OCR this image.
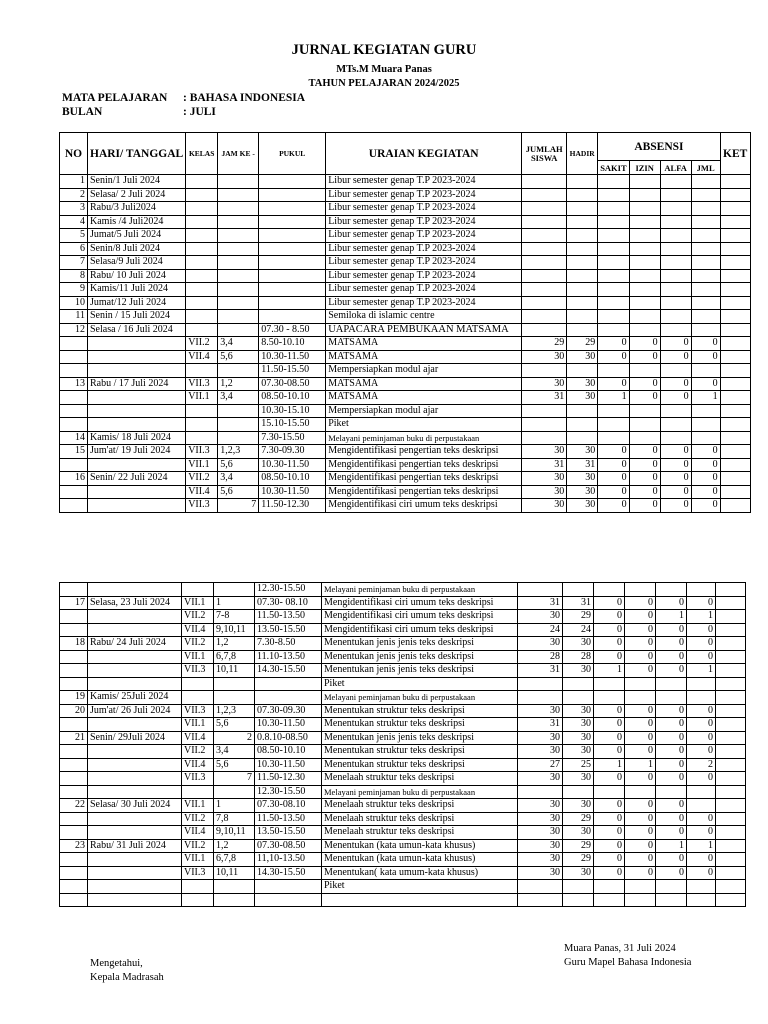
JURNAL KEGIATAN GURU
MTs.M Muara Panas
TAHUN PELAJARAN 2024/2025
MATA PELAJARAN : BAHASA INDONESIA
BULAN	: JULI
NO	HARI/ TANGGAL	KELAS	JAM KE -	PUKUL	URAIAN KEGIATAN	JUMLAH SISWA	HADIR	ABSENSI				KET
								SAKIT	IZIN	ALFA	JML	
1	Senin/1 Juli 2024				Libur semester genap T.P 2023-2024							
2	Selasa/ 2 Juli 2024				Libur semester genap T.P 2023-2024							
3	Rabu/3 Juli2024				Libur semester genap T.P 2023-2024							
4	Kamis /4 Juli2024				Libur semester genap T.P 2023-2024							
5	Jumat/5 Juli 2024				Libur semester genap T.P 2023-2024							
6	Senin/8 Juli 2024				Libur semester genap T.P 2023-2024							
7	Selasa/9 Juli 2024				Libur semester genap T.P 2023-2024							
8	Rabu/ 10 Juli 2024				Libur semester genap T.P 2023-2024							
9	Kamis/11 Juli 2024				Libur semester genap T.P 2023-2024							
10	Jumat/12 Juli 2024				Libur semester genap T.P 2023-2024							
11	Senin / 15 Juli 2024				Semiloka di islamic centre							
12	Selasa / 16 Juli 2024			07.30 - 8.50	UAPACARA PEMBUKAAN MATSAMA							
		VII.2	3,4	8.50-10.10	MATSAMA	29	29	0	0	0	0	
		VII.4	5,6	10.30-11.50	MATSAMA	30	30	0	0	0	0	
				11.50-15.50	Mempersiapkan modul ajar							
13	Rabu / 17 Juli 2024	VII.3	1,2	07.30-08.50	MATSAMA	30	30	0	0	0	0	
		VII.1	3,4	08.50-10.10	MATSAMA	31	30	1	0	0	1	
				10.30-15.10	Mempersiapkan modul ajar							
				15.10-15.50	Piket							
14	Kamis/ 18 Juli 2024			7.30-15.50	Melayani peminjaman buku di perpustakaan							
15	Jum'at/ 19 Juli 2024	VII.3	1,2,3	7.30-09.30	Mengidentifikasi pengertian teks deskripsi	30	30	0	0	0	0	
		VII.1	5,6	10.30-11.50	Mengidentifikasi pengertian teks deskripsi	31	31	0	0	0	0	
16	Senin/ 22 Juli 2024	VII.2	3,4	08.50-10.10	Mengidentifikasi pengertian teks deskripsi	30	30	0	0	0	0	
		VII.4	5,6	10.30-11.50	Mengidentifikasi pengertian teks deskripsi	30	30	0	0	0	0	
		VII.3	7	11.50-12.30	Mengidentifikasi ciri umum teks deskripsi	30	30	0	0	0	0	
				12.30-15.50	Melayani peminjaman buku di perpustakaan							
17	Selasa, 23 Juli 2024	VII.1	1	07.30- 08.10	Mengidentifikasi ciri umum teks deskripsi	31	31	0	0	0	0	
		VII.2	7-8	11.50-13.50	Mengidentifikasi ciri umum teks deskripsi	30	29	0	0	1	1	
		VII.4	9,10,11	13.50-15.50	Mengidentifikasi ciri umum teks deskripsi	24	24	0	0	0	0	
18	Rabu/ 24 Juli 2024	VII.2	1,2	7.30-8.50	Menentukan jenis jenis teks deskripsi	30	30	0	0	0	0	
		VII.1	6,7,8	11.10-13.50	Menentukan jenis jenis teks deskripsi	28	28	0	0	0	0	
		VII.3	10,11	14.30-15.50	Menentukan jenis jenis teks deskripsi	31	30	1	0	0	1	
					Piket							
19	Kamis/ 25Juli 2024				Melayani peminjaman buku di perpustakaan							
20	Jum'at/ 26 Juli 2024	VII.3	1,2,3	07.30-09.30	Menentukan struktur teks deskripsi	30	30	0	0	0	0	
		VII.1	5,6	10.30-11.50	Menentukan struktur teks deskripsi	31	30	0	0	0	0	
21	Senin/ 29Juli 2024	VII.4	2	0.8.10-08.50	Menentukan jenis jenis teks deskripsi	30	30	0	0	0	0	
		VII.2	3,4	08.50-10.10	Menentukan struktur teks deskripsi	30	30	0	0	0	0	
		VII.4	5,6	10.30-11.50	Menentukan struktur teks deskripsi	27	25	1	1	0	2	
		VII.3	7	11.50-12.30	Menelaah struktur teks deskripsi	30	30	0	0	0	0	
				12.30-15.50	Melayani peminjaman buku di perpustakaan							
22	Selasa/ 30 Juli 2024	VII.1	1	07.30-08.10	Menelaah struktur teks deskripsi	30	30	0	0	0		
		VII.2	7,8	11.50-13.50	Menelaah struktur teks deskripsi	30	29	0	0	0	0	
		VII.4	9,10,11	13.50-15.50	Menelaah struktur teks deskripsi	30	30	0	0	0	0	
23	Rabu/ 31 Juli 2024	VII.2	1,2	07.30-08.50	Menentukan (kata umun-kata khusus)	30	29	0	0	1	1	
		VII.1	6,7,8	11,10-13.50	Menentukan (kata umun-kata khusus)	30	29	0	0	0	0	
		VII.3	10,11	14.30-15.50	Menentukan( kata umum-kata khusus)	30	30	0	0	0	0	
					Piket							

Mengetahui,
Kepala Madrasah
Muara Panas, 31 Juli 2024
Guru Mapel Bahasa Indonesia
